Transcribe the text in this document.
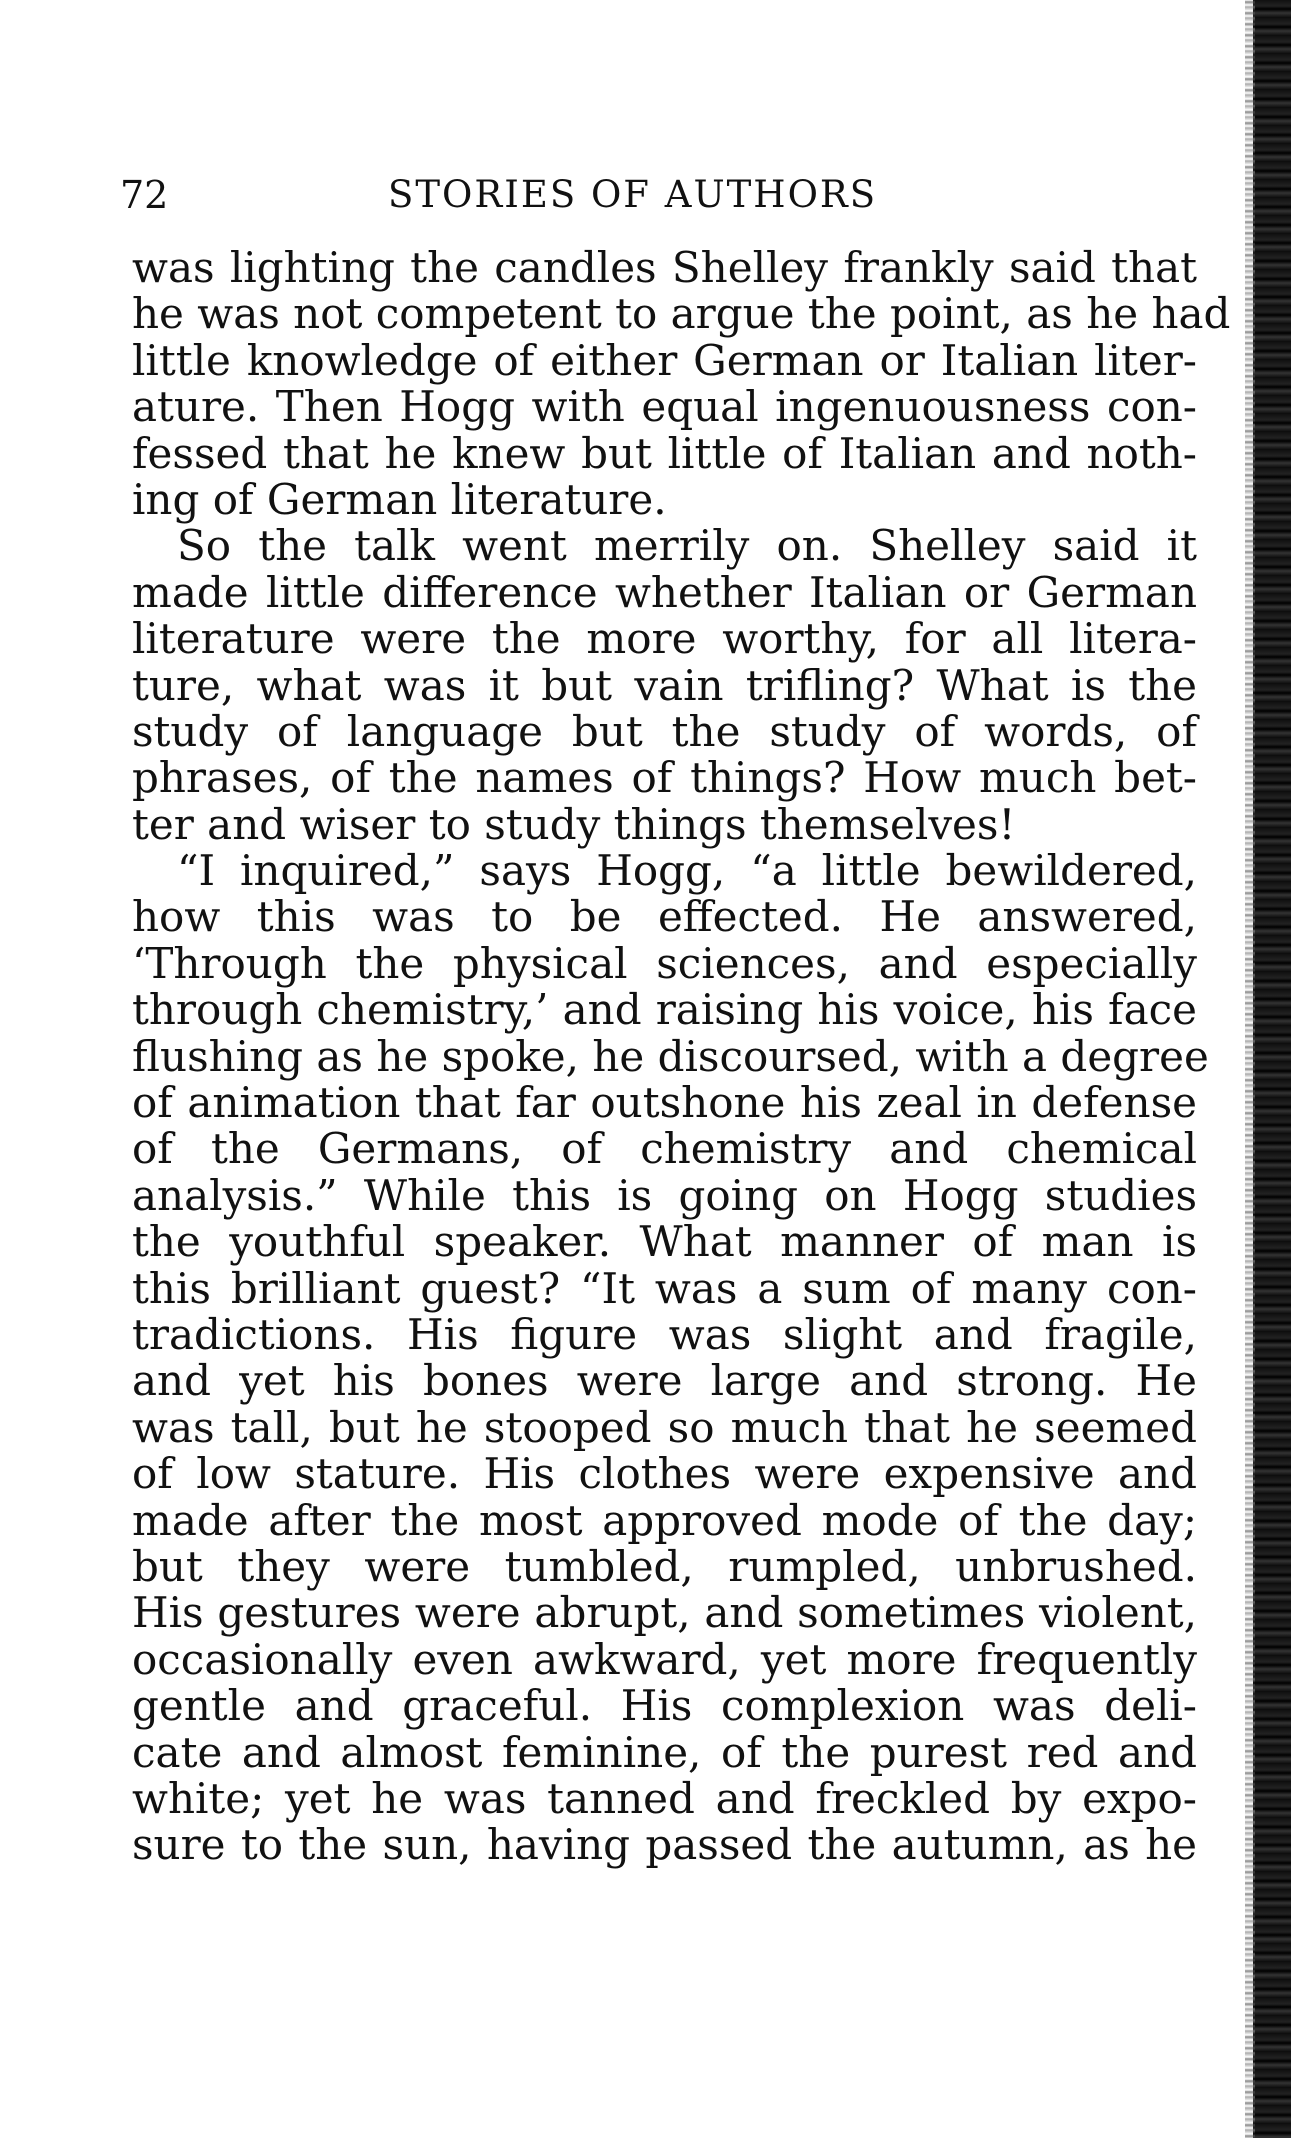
72	STORIES OF AUTHORS
was lighting the candles Shelley frankly said that
he was not competent to argue the point, as he had
little knowledge of either German or Italian liter-
ature. Then Hogg with equal ingenuousness con-
fessed that he knew but little of Italian and noth-
ing of German literature.
So the talk went merrily on. Shelley said it
made little difference whether Italian or German
literature were the more worthy, for all litera-
ture, what was it but vain trifling? What is the
study of language but the study of words, of
phrases, of the names of things? How much bet-
ter and wiser to study things themselves!
“I inquired,” says Hogg, “a little bewildered,
how this was to be effected. He answered,
‘Through the physical sciences, and especially
through chemistry,’ and raising his voice, his face
flushing as he spoke, he discoursed, with a degree
of animation that far outshone his zeal in defense
of the Germans, of chemistry and chemical
analysis.” While this is going on Hogg studies
the youthful speaker. What manner of man is
this brilliant guest? “It was a sum of many con-
tradictions. His figure was slight and fragile,
and yet his bones were large and strong. He
was tall, but he stooped so much that he seemed
of low stature. His clothes were expensive and
made after the most approved mode of the day;
but they were tumbled, rumpled, unbrushed.
His gestures were abrupt, and sometimes violent,
occasionally even awkward, yet more frequently
gentle and graceful. His complexion was deli-
cate and almost feminine, of the purest red and
white; yet he was tanned and freckled by expo-
sure to the sun, having passed the autumn, as he
